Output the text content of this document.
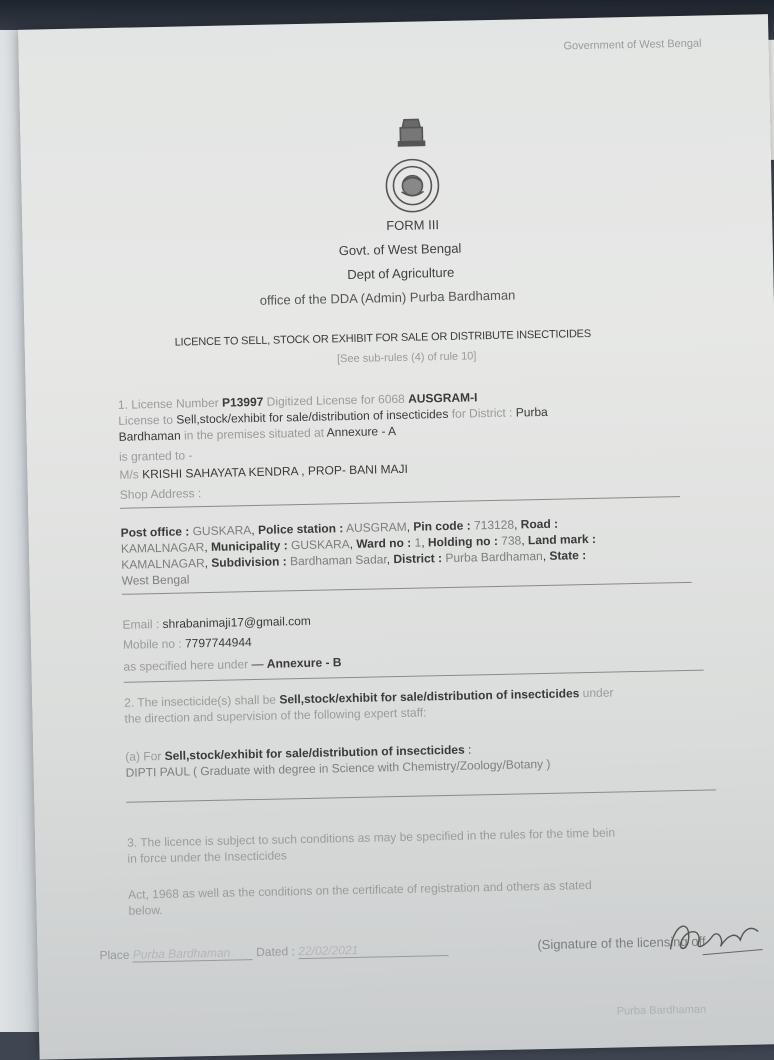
Government of West Bengal
FORM III
Govt. of West Bengal
Dept of Agriculture
office of the DDA (Admin) Purba Bardhaman
LICENCE TO SELL, STOCK OR EXHIBIT FOR SALE OR DISTRIBUTE INSECTICIDES
[See sub-rules (4) of rule 10]
1. License Number P13997 Digitized License for 6068 AUSGRAM-I
License to Sell,stock/exhibit for sale/distribution of insecticides for District : Purba
Bardhaman in the premises situated at Annexure - A
is granted to -
M/s KRISHI SAHAYATA KENDRA , PROP- BANI MAJI
Shop Address :
Post office : GUSKARA, Police station : AUSGRAM, Pin code : 713128, Road :
KAMALNAGAR, Municipality : GUSKARA, Ward no : 1, Holding no : 738, Land mark :
KAMALNAGAR, Subdivision : Bardhaman Sadar, District : Purba Bardhaman, State :
West Bengal
Email : shrabanimaji17@gmail.com
Mobile no : 7797744944
as specified here under — Annexure - B
2. The insecticide(s) shall be Sell,stock/exhibit for sale/distribution of insecticides under
the direction and supervision of the following expert staff:
(a) For Sell,stock/exhibit for sale/distribution of insecticides :
DIPTI PAUL ( Graduate with degree in Science with Chemistry/Zoology/Botany )
3. The licence is subject to such conditions as may be specified in the rules for the time bein
in force under the Insecticides
Act, 1968 as well as the conditions on the certificate of registration and others as stated
below.
Place Purba Bardhaman Dated : 22/02/2021	(Signature of the licensing off
Purba Bardhaman
